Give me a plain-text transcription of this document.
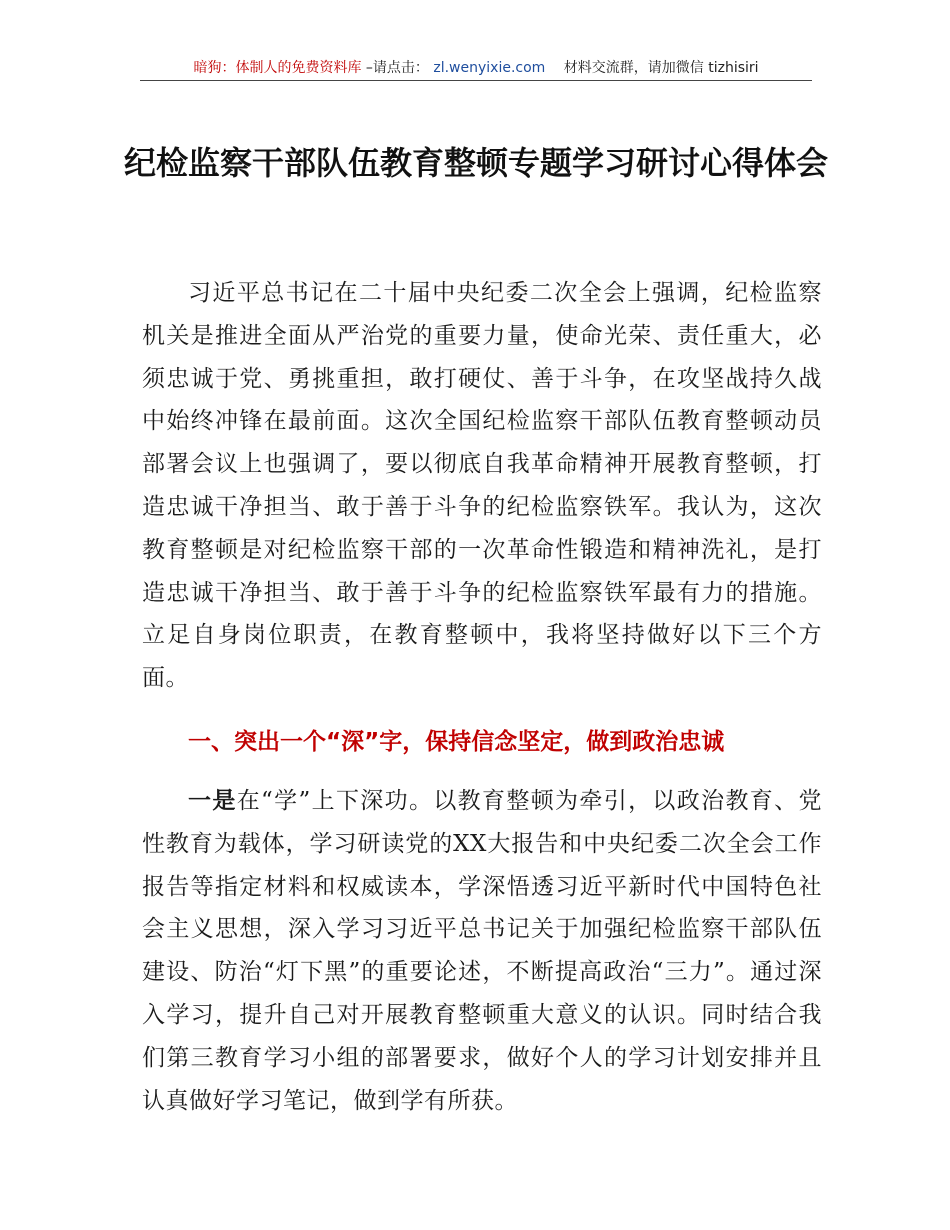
暗狗：体制人的免费资料库 –请点击： zl.wenyixie.com 材料交流群，请加微信 tizhisiri
纪检监察干部队伍教育整顿专题学习研讨心得体会

习近平总书记在二十届中央纪委二次全会上强调，纪检监察机关是推进全面从严治党的重要力量，使命光荣、责任重大，必须忠诚于党、勇挑重担，敢打硬仗、善于斗争，在攻坚战持久战中始终冲锋在最前面。这次全国纪检监察干部队伍教育整顿动员部署会议上也强调了，要以彻底自我革命精神开展教育整顿，打造忠诚干净担当、敢于善于斗争的纪检监察铁军。我认为，这次教育整顿是对纪检监察干部的一次革命性锻造和精神洗礼，是打造忠诚干净担当、敢于善于斗争的纪检监察铁军最有力的措施。立足自身岗位职责，在教育整顿中，我将坚持做好以下三个方面。

一、突出一个“深”字，保持信念坚定，做到政治忠诚

一是在“学”上下深功。以教育整顿为牵引，以政治教育、党性教育为载体，学习研读党的XX大报告和中央纪委二次全会工作报告等指定材料和权威读本，学深悟透习近平新时代中国特色社会主义思想，深入学习习近平总书记关于加强纪检监察干部队伍建设、防治“灯下黑”的重要论述，不断提高政治“三力”。通过深入学习，提升自己对开展教育整顿重大意义的认识。同时结合我们第三教育学习小组的部署要求，做好个人的学习计划安排并且认真做好学习笔记，做到学有所获。
